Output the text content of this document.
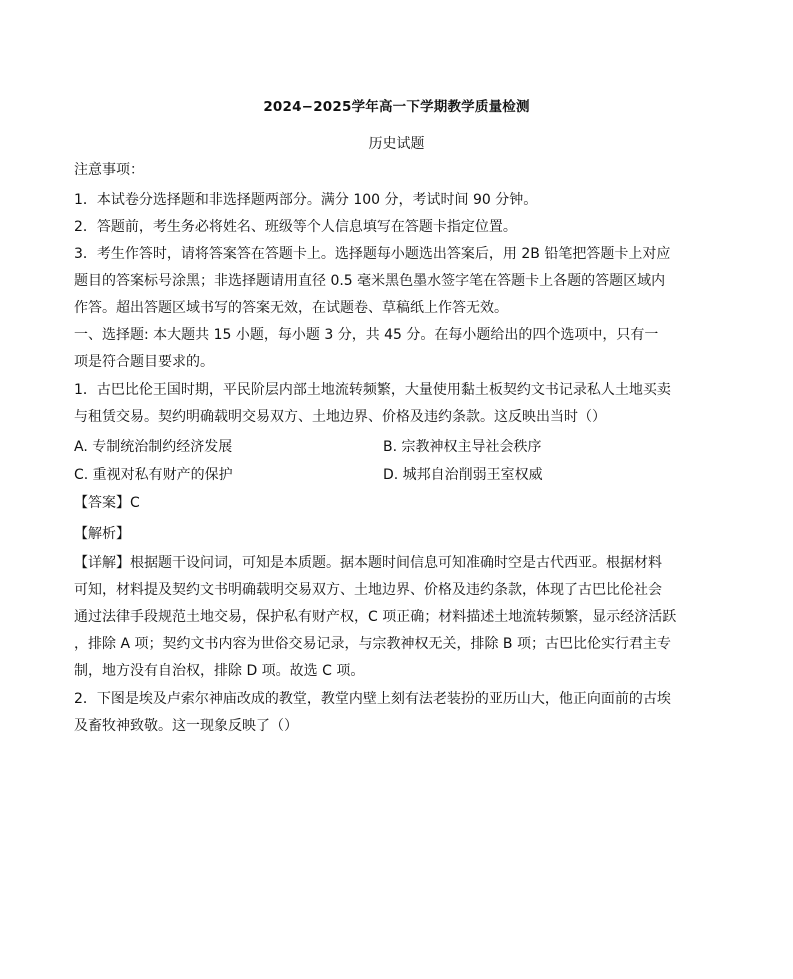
2024−2025学年高一下学期教学质量检测
历史试题
注意事项：
1．本试卷分选择题和非选择题两部分。满分 100 分，考试时间 90 分钟。
2．答题前，考生务必将姓名、班级等个人信息填写在答题卡指定位置。
3．考生作答时，请将答案答在答题卡上。选择题每小题选出答案后，用 2B 铅笔把答题卡上对应
题目的答案标号涂黑；非选择题请用直径 0.5 毫米黑色墨水签字笔在答题卡上各题的答题区域内
作答。超出答题区域书写的答案无效，在试题卷、草稿纸上作答无效。
一、选择题: 本大题共 15 小题，每小题 3 分，共 45 分。在每小题给出的四个选项中，只有一
项是符合题目要求的。
1．古巴比伦王国时期，平民阶层内部土地流转频繁，大量使用黏土板契约文书记录私人土地买卖
与租赁交易。契约明确载明交易双方、土地边界、价格及违约条款。这反映出当时（）
A. 专制统治制约经济发展	B. 宗教神权主导社会秩序
C. 重视对私有财产的保护	D. 城邦自治削弱王室权威
【答案】C
【解析】
【详解】根据题干设问词，可知是本质题。据本题时间信息可知准确时空是古代西亚。根据材料
可知，材料提及契约文书明确载明交易双方、土地边界、价格及违约条款，体现了古巴比伦社会
通过法律手段规范土地交易，保护私有财产权，C 项正确；材料描述土地流转频繁，显示经济活跃
，排除 A 项；契约文书内容为世俗交易记录，与宗教神权无关，排除 B 项；古巴比伦实行君主专
制，地方没有自治权，排除 D 项。故选 C 项。
2．下图是埃及卢索尔神庙改成的教堂，教堂内壁上刻有法老装扮的亚历山大，他正向面前的古埃
及畜牧神致敬。这一现象反映了（）
